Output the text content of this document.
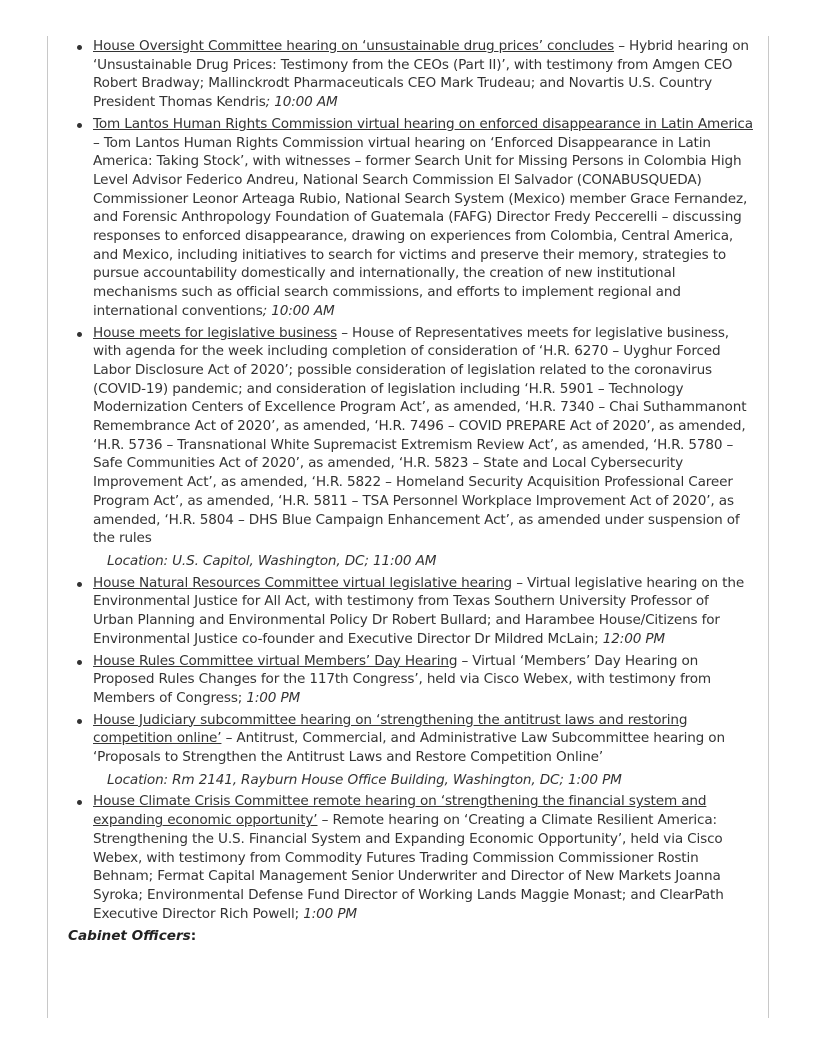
House Oversight Committee hearing on ‘unsustainable drug prices’ concludes – Hybrid hearing on ‘Unsustainable Drug Prices: Testimony from the CEOs (Part II)’, with testimony from Amgen CEO Robert Bradway; Mallinckrodt Pharmaceuticals CEO Mark Trudeau; and Novartis U.S. Country President Thomas Kendris; 10:00 AM
Tom Lantos Human Rights Commission virtual hearing on enforced disappearance in Latin America – Tom Lantos Human Rights Commission virtual hearing on ‘Enforced Disappearance in Latin America: Taking Stock’, with witnesses – former Search Unit for Missing Persons in Colombia High Level Advisor Federico Andreu, National Search Commission El Salvador (CONABUSQUEDA) Commissioner Leonor Arteaga Rubio, National Search System (Mexico) member Grace Fernandez, and Forensic Anthropology Foundation of Guatemala (FAFG) Director Fredy Peccerelli – discussing responses to enforced disappearance, drawing on experiences from Colombia, Central America, and Mexico, including initiatives to search for victims and preserve their memory, strategies to pursue accountability domestically and internationally, the creation of new institutional mechanisms such as official search commissions, and efforts to implement regional and international conventions; 10:00 AM
House meets for legislative business – House of Representatives meets for legislative business, with agenda for the week including completion of consideration of ‘H.R. 6270 – Uyghur Forced Labor Disclosure Act of 2020’; possible consideration of legislation related to the coronavirus (COVID-19) pandemic; and consideration of legislation including ‘H.R. 5901 – Technology Modernization Centers of Excellence Program Act’, as amended, ‘H.R. 7340 – Chai Suthammanont Remembrance Act of 2020’, as amended, ‘H.R. 7496 – COVID PREPARE Act of 2020’, as amended, ‘H.R. 5736 – Transnational White Supremacist Extremism Review Act’, as amended, ‘H.R. 5780 – Safe Communities Act of 2020’, as amended, ‘H.R. 5823 – State and Local Cybersecurity Improvement Act’, as amended, ‘H.R. 5822 – Homeland Security Acquisition Professional Career Program Act’, as amended, ‘H.R. 5811 – TSA Personnel Workplace Improvement Act of 2020’, as amended, ‘H.R. 5804 – DHS Blue Campaign Enhancement Act’, as amended under suspension of the rules
Location: U.S. Capitol, Washington, DC; 11:00 AM
House Natural Resources Committee virtual legislative hearing – Virtual legislative hearing on the Environmental Justice for All Act, with testimony from Texas Southern University Professor of Urban Planning and Environmental Policy Dr Robert Bullard; and Harambee House/Citizens for Environmental Justice co-founder and Executive Director Dr Mildred McLain; 12:00 PM
House Rules Committee virtual Members’ Day Hearing – Virtual ‘Members’ Day Hearing on Proposed Rules Changes for the 117th Congress’, held via Cisco Webex, with testimony from Members of Congress; 1:00 PM
House Judiciary subcommittee hearing on ‘strengthening the antitrust laws and restoring competition online’ – Antitrust, Commercial, and Administrative Law Subcommittee hearing on ‘Proposals to Strengthen the Antitrust Laws and Restore Competition Online’
Location: Rm 2141, Rayburn House Office Building, Washington, DC; 1:00 PM
House Climate Crisis Committee remote hearing on ‘strengthening the financial system and expanding economic opportunity’ – Remote hearing on ‘Creating a Climate Resilient America: Strengthening the U.S. Financial System and Expanding Economic Opportunity’, held via Cisco Webex, with testimony from Commodity Futures Trading Commission Commissioner Rostin Behnam; Fermat Capital Management Senior Underwriter and Director of New Markets Joanna Syroka; Environmental Defense Fund Director of Working Lands Maggie Monast; and ClearPath Executive Director Rich Powell; 1:00 PM
Cabinet Officers:
